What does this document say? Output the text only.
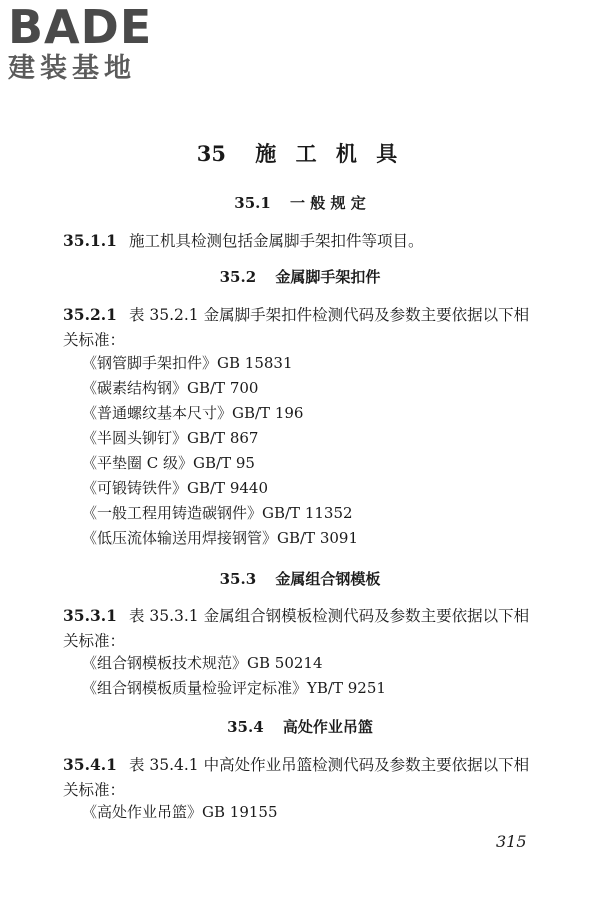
BADE
建装基地
35 施 工 机 具
35.1 一 般 规 定
35.1.1 施工机具检测包括金属脚手架扣件等项目。
35.2 金属脚手架扣件
35.2.1 表 35.2.1 金属脚手架扣件检测代码及参数主要依据以下相关标准：
《钢管脚手架扣件》GB 15831
《碳素结构钢》GB/T 700
《普通螺纹基本尺寸》GB/T 196
《半圆头铆钉》GB/T 867
《平垫圈 C 级》GB/T 95
《可锻铸铁件》GB/T 9440
《一般工程用铸造碳钢件》GB/T 11352
《低压流体输送用焊接钢管》GB/T 3091
35.3 金属组合钢模板
35.3.1 表 35.3.1 金属组合钢模板检测代码及参数主要依据以下相关标准：
《组合钢模板技术规范》GB 50214
《组合钢模板质量检验评定标准》YB/T 9251
35.4 高处作业吊篮
35.4.1 表 35.4.1 中高处作业吊篮检测代码及参数主要依据以下相关标准：
《高处作业吊篮》GB 19155
315
